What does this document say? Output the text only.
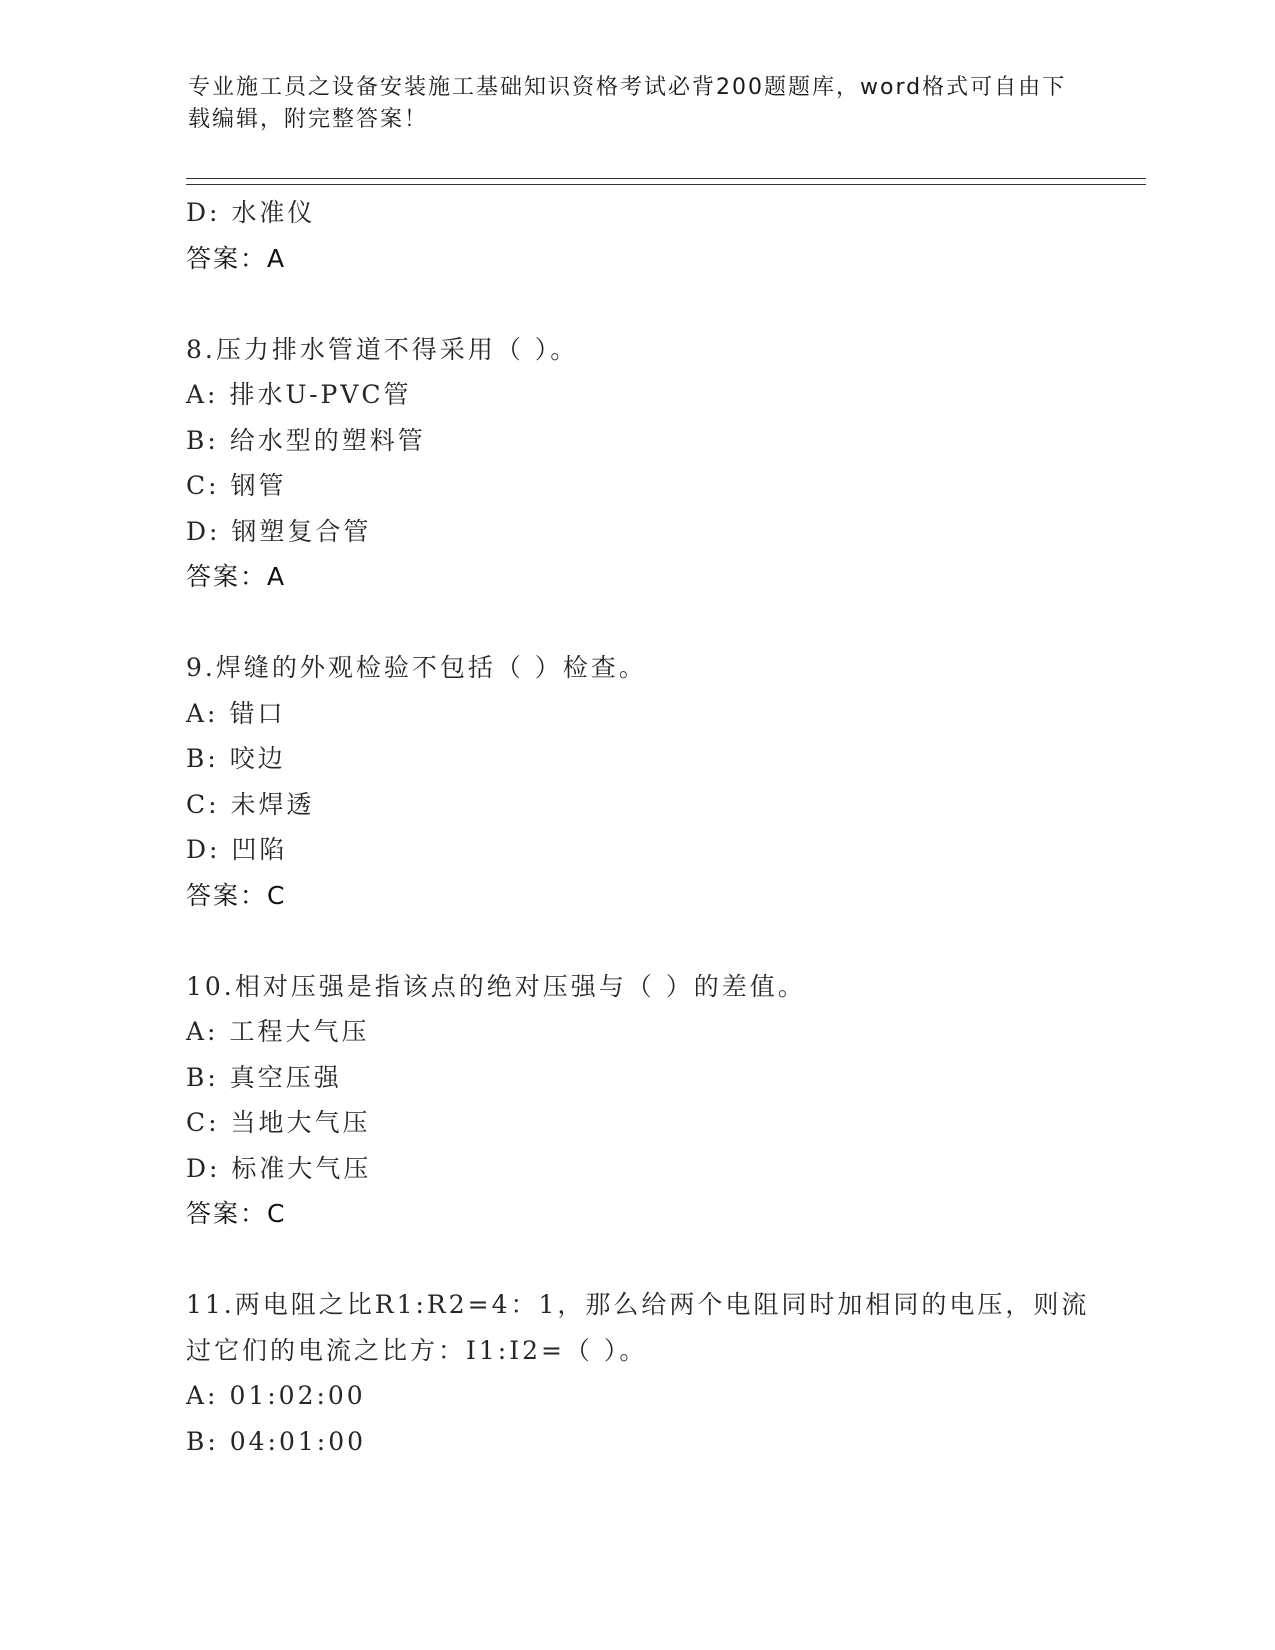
专业施工员之设备安装施工基础知识资格考试必背200题题库，word格式可自由下载编辑，附完整答案！
D: 水准仪
答案：A
8.压力排水管道不得采用（ ）。
A: 排水U-PVC管
B: 给水型的塑料管
C: 钢管
D: 钢塑复合管
答案：A
9.焊缝的外观检验不包括（ ）检查。
A: 错口
B: 咬边
C: 未焊透
D: 凹陷
答案：C
10.相对压强是指该点的绝对压强与（ ）的差值。
A: 工程大气压
B: 真空压强
C: 当地大气压
D: 标准大气压
答案：C
11.两电阻之比R1:R2=4：1，那么给两个电阻同时加相同的电压，则流
过它们的电流之比方：I1:I2=（ ）。
A: 01:02:00
B: 04:01:00
